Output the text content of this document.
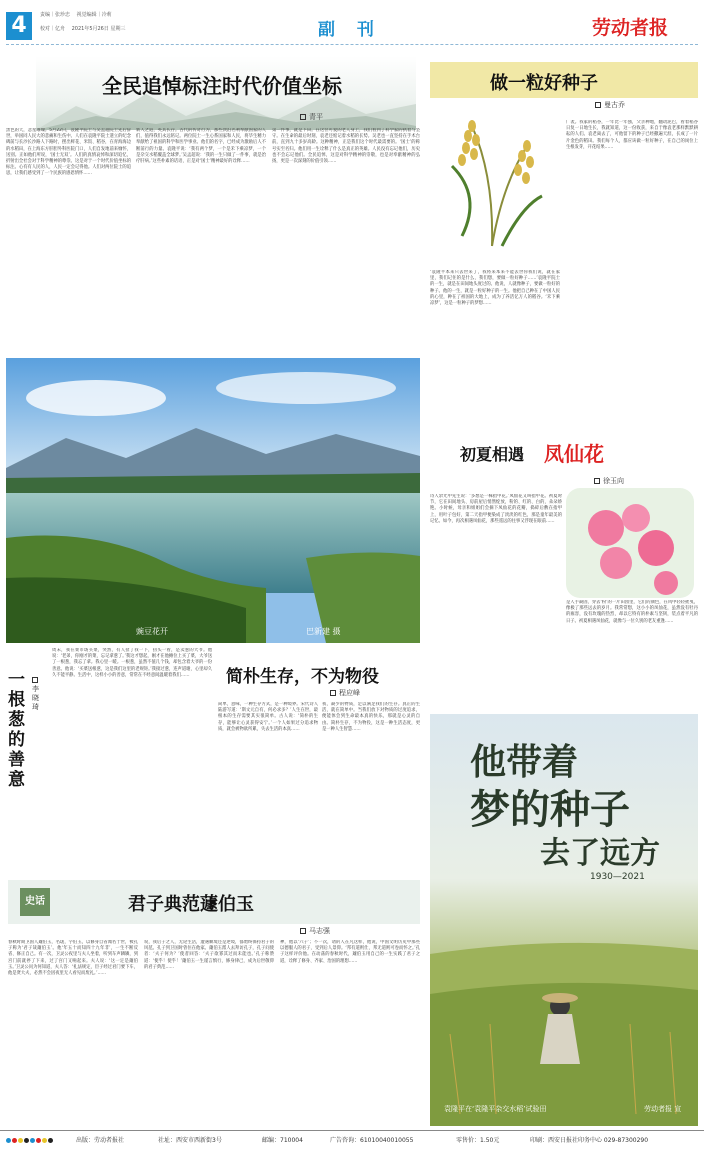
4	责编｜张珍忠　 视觉编辑｜冷莉
校对｜亿舟　 2021年5月26日 星期三	副 刊	劳动者报
全民追悼标注时代价值坐标
青平
黑色的天，悲星璀璨。5月22日，袁隆平院士与吴孟超院士先后辞世，举国同人民大的悲痛和生伤中。人们在袁隆平院士遗立的纪念碑前与长沙长沙路人下路时，摆出鲜花、米饭、稻谷，在青海海边的水稻田，在上海东方肝胆外科医院门口，人们自发地前来缅怀，送别。正如他们所说，‘国士无双’。人们的真情哀悼和深切追忆，折射出全社会对于科学精神的尊崇。这是对于一个时代价值坐标的标注。心有有人民的人，人民一定会记得他。人们对两位院士的追思，让我们感受到了一个民族的感恩情怀……
新人之道，英其长存。古代的传奇行为，那些淡泊名利奉献国家的人们，值得我们永远铭记。两位院士一生心系国家和人民，将毕生精力奉献给了祖国的科学和医学事业。他们的名字，已经成为激励后人不断前行的力量。袁隆平说：‘我有两个梦，一个是禾下乘凉梦，一个是杂交水稻覆盖全球梦。’吴孟超说：‘我的一生只做了一件事，就是治疗肝病。’这些朴素的话语，正是对‘国士’精神最好的诠释……
第一件事，就是下田。在这位可爱的老人身上，我们看到了科学家的执着与坚守。在生命的最后时刻，袁老还惦记着水稻的长势。吴老也一直坚持在手术台前，直到九十多岁高龄。这种精神，正是我们这个时代最需要的。‘国士’的称号实至名归。他们用一生诠释了什么是真正的英雄。人民没有忘记他们，历史也不会忘记他们。全民追悼，这是对科学精神的崇敬，也是对奉献精神的弘扬，更是一次深刻的价值引领……
豌豆花开	巴新建 摄
做一粒好种子
曼古乔
广袤。我家的稻谷，一年比一年强，父亲种地，翻动泥巴，看着稻谷日复一日地生长，我就知道，这一份收获，来自于像袁老那样默默耕耘的人们。袁老离去了，可他留下的种子已经撒遍天涯，长成了一片片金色的稻田。我们每个人，都应该做一粒好种子，在自己的岗位上生根发芽，开花结果……
‘袁隆平本来只去世来了，我将来本来不能去世你我们说，就在家里，我们记住的是什么，我们想，要做一粒好种子……’袁隆平院士的一生，就是在田间地头度过的。他说，人就像种子，要做一粒好的种子。他的一生，就是一粒好种子的一生。他把自己种在了中国人民的心里，种在了祖国的大地上，成为了养活亿万人的稻谷。‘禾下乘凉梦’，这是一粒种子的梦想……
初夏相遇 凤仙花
徐玉向
诗人余光中先生说：‘多想是一株指甲花。’凤仙花又叫指甲花。初夏时节，它在田间地头、房前屋后悄然绽放，粉的、红的、白的，朵朵娇艳。小时候，母亲和姐姐们会摘下凤仙花的花瓣，捣碎后敷在指甲上，用叶子包好，第二天指甲便染成了淡淡的红色，那是童年最美的记忆。如今，再次相遇凤仙花，那些遥远的往事又浮现在眼前……
是人手凝固，穿去‘粉’的一片田园里，它们的颜色，在风中轻轻摇曳，像极了那些远去的岁月。我常常想，这小小的凤仙花，虽然没有牡丹的雍容，没有玫瑰的热烈，却以它特有的朴素与坚韧，装点着平凡的日子。初夏相遇凤仙花，就像与一位久别的老友重逢……
一根葱的善意
李晓琦
周末，我在菜市场买菜，突然，有人扯了我一下，扭头一看，是卖葱的大爷。他说：‘老弟，你刚才的菜，忘记拿葱了。’我这才想起，刚才在他摊位上买了菜，大爷送了一根葱，我忘了拿。我心里一暖。一根葱，虽然不值几个钱，却包含着大爷的一份善意。他说：‘买菜送根葱，这是我们这里的老规矩。’我接过葱，连声道谢，心里却久久不能平静。生活中，这样小小的善意，常常在不经意间温暖着我们……	简朴生存，不为物役
程应峰
简单，意味，一种生存方式，是一种境界。宋代诗人陆游写道：‘斯文元自有，何必求多？’人生在世，最根本的生存需要其实很简单。古人说：‘简朴的生存，能够让心灵获得安宁。’一个人如果过分追求物质，就会被物欲所累，失去生活的本真……
我，凝少的物质，足以满足我们的生存。真正的生活，就在简单中。当我们放下对物质的过度追求，便能体会到生命最本真的快乐，那就是心灵的自由。简朴生存，不为物役，这是一种生活态度，更是一种人生智慧……
史话	君子典范蘧伯玉
马志强
春秋时期卫国人蘧伯玉，名瑗，字伯玉，以修身自省闻名于世，被孔子称为‘君子哉蘧伯玉’。他‘年五十而知四十九年非’，一生不断反省、修正自己。有一次，卫灵公夜里与夫人坐着，听到车声辚辚，到宫门前就停了下来，过了宫门又响起来。夫人说：‘这一定是蘧伯玉。’卫灵公问为何知道，夫人答：‘礼法规定，臣子经过君门要下车，他是贤大夫，必然不会因夜里无人看见而废礼。’……
说，我后子之人，无论生活，遭遇顺境还是逆境，都始终保持君子的风范。孔子到卫国时曾住在他家。蘧伯玉派人去拜访孔子，孔子问使者：‘夫子何为？’使者回答：‘夫子欲寡其过而未能也。’孔子称赞道：‘使乎！使乎！’蘧伯玉一生谨言慎行，修身律己，成为后世敬仰的君子典范……
神，他以‘六子’；不一次，请的人在凡这样，他说，中国文明历史中那些以德服人的君子，受到后人景仰。‘邦有道则仕，邦无道则可卷而怀之。’孔子这样评价他。在动荡的春秋时代，蘧伯玉用自己的一生实践了君子之道，诠释了修身、齐家、治国的理想……
他带着
梦的种子
去了远方
1930—2021
袁隆平在‘袁隆平杂交水稻’试验田	劳动者报 宣
出版：劳动者报社	社址：西安市西新街3号	邮编：710004	广告咨询：61010040010055	零售价：1.50元	印刷：西安日报社印务中心 029-87300290
